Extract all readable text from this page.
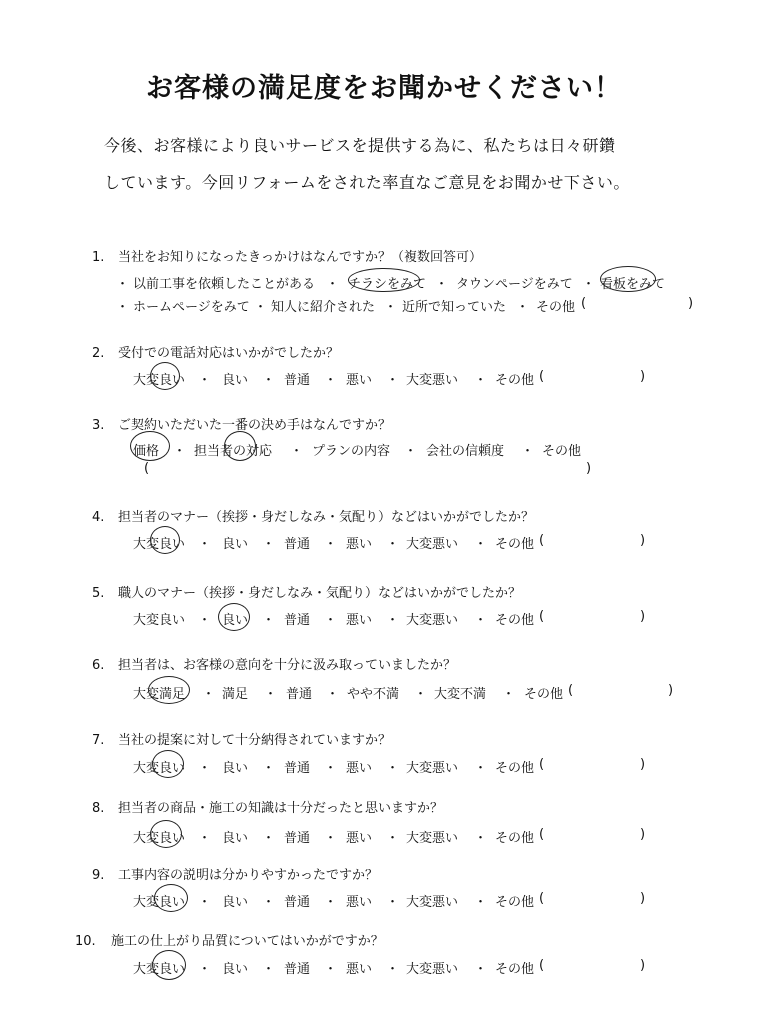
お客様の満足度をお聞かせください！
今後、お客様により良いサービスを提供する為に、私たちは日々研鑽
しています。今回リフォームをされた率直なご意見をお聞かせ下さい。
1. 当社をお知りになったきっかけはなんですか？（複数回答可）
・ 以前工事を依頼したことがある ・ チラシをみて ・ タウンページをみて ・ 看板をみて
・ ホームページをみて ・ 知人に紹介された ・ 近所で知っていた ・ その他 (	)
2. 受付での電話対応はいかがでしたか？
大変良い ・ 良い ・ 普通 ・ 悪い ・ 大変悪い ・ その他 (	)
3. ご契約いただいた一番の決め手はなんですか？
価格 ・ 担当者の対応 ・ プランの内容 ・ 会社の信頼度 ・ その他
(	)
4. 担当者のマナー（挨拶・身だしなみ・気配り）などはいかがでしたか？
大変良い ・ 良い ・ 普通 ・ 悪い ・ 大変悪い ・ その他 (	)
5. 職人のマナー（挨拶・身だしなみ・気配り）などはいかがでしたか？
大変良い ・ 良い ・ 普通 ・ 悪い ・ 大変悪い ・ その他 (	)
6. 担当者は、お客様の意向を十分に汲み取っていましたか？
大変満足 ・ 満足 ・ 普通 ・ やや不満 ・ 大変不満 ・ その他 (	)
7. 当社の提案に対して十分納得されていますか？
大変良い ・ 良い ・ 普通 ・ 悪い ・ 大変悪い ・ その他 (	)
8. 担当者の商品・施工の知識は十分だったと思いますか？
大変良い ・ 良い ・ 普通 ・ 悪い ・ 大変悪い ・ その他 (	)
9. 工事内容の説明は分かりやすかったですか？
大変良い ・ 良い ・ 普通 ・ 悪い ・ 大変悪い ・ その他 (	)
10. 施工の仕上がり品質についてはいかがですか？
大変良い ・ 良い ・ 普通 ・ 悪い ・ 大変悪い ・ その他 (	)
